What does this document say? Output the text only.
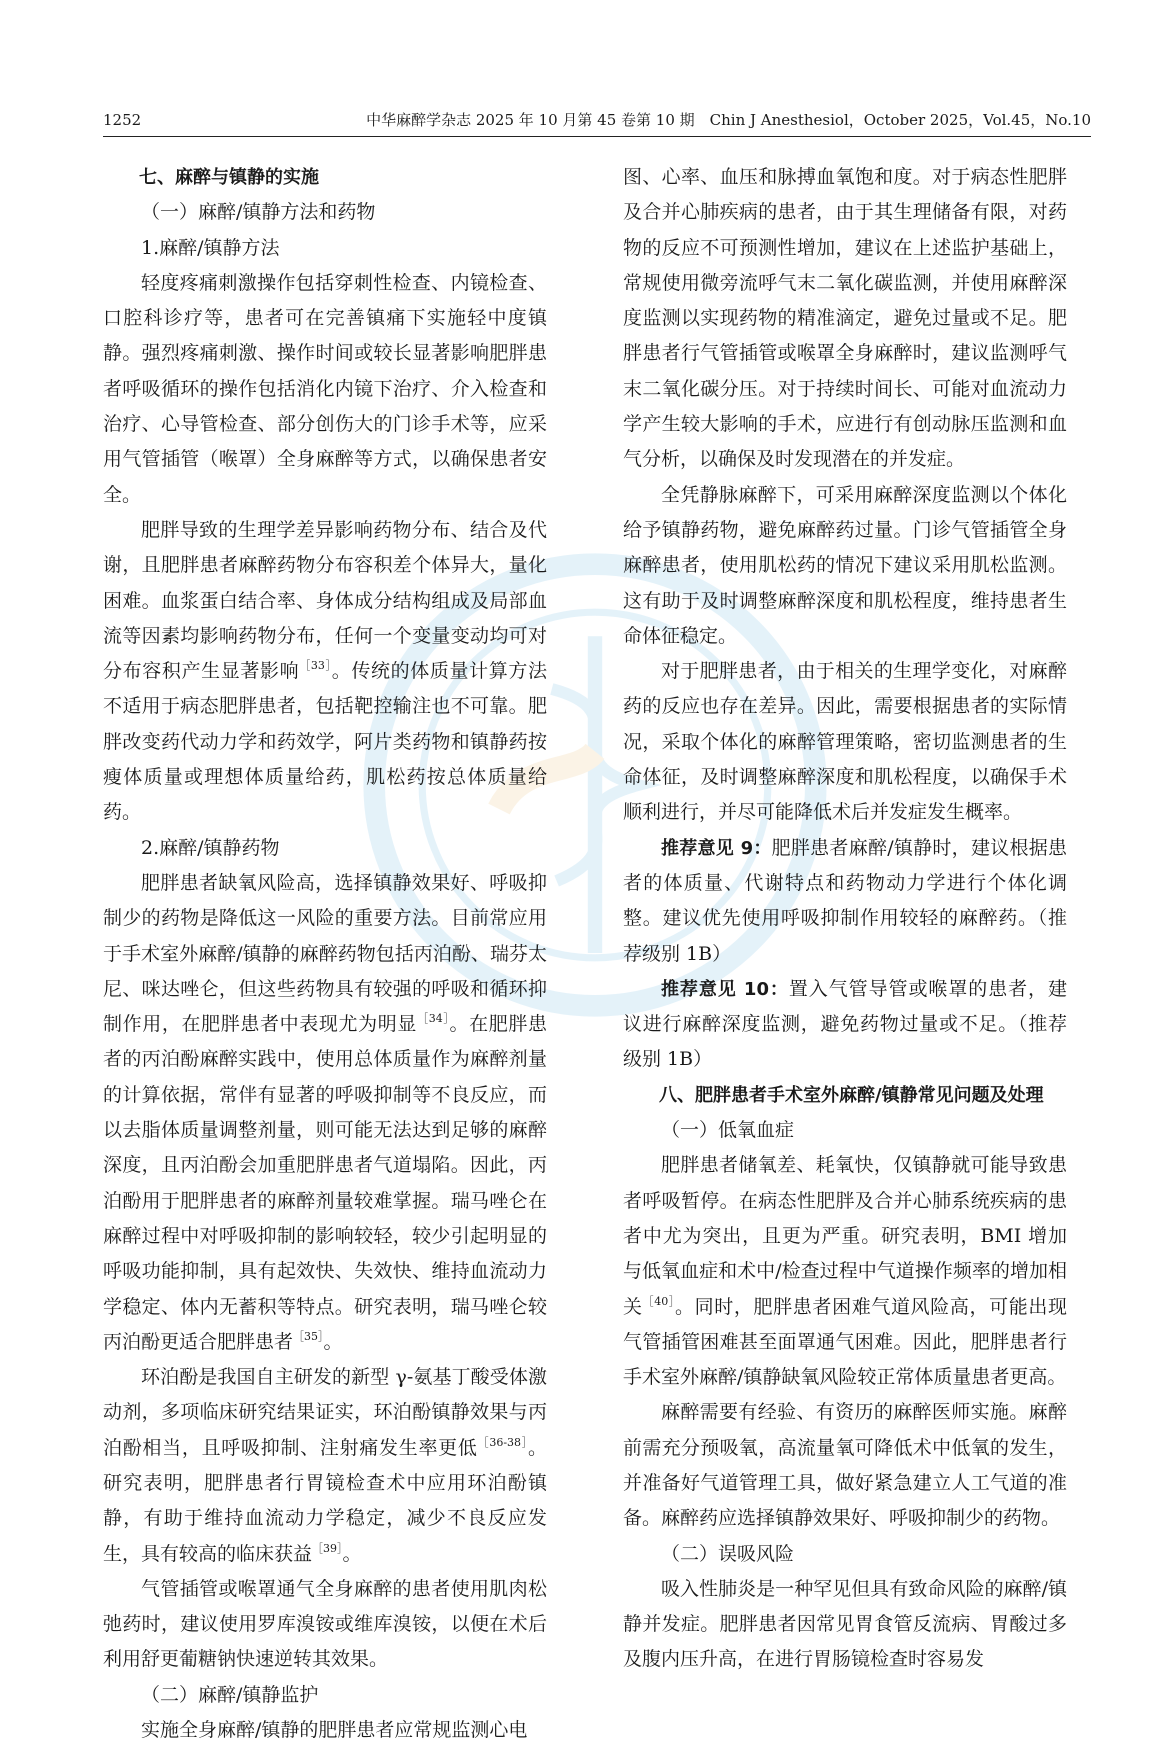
1252	中华麻醉学杂志 2025 年 10 月第 45 卷第 10 期　Chin J Anesthesiol，October 2025，Vol.45，No.10

七、麻醉与镇静的实施

（一）麻醉/镇静方法和药物

1.麻醉/镇静方法

轻度疼痛刺激操作包括穿刺性检查、内镜检查、口腔科诊疗等，患者可在完善镇痛下实施轻中度镇静。强烈疼痛刺激、操作时间或较长显著影响肥胖患者呼吸循环的操作包括消化内镜下治疗、介入检查和治疗、心导管检查、部分创伤大的门诊手术等，应采用气管插管（喉罩）全身麻醉等方式，以确保患者安全。

肥胖导致的生理学差异影响药物分布、结合及代谢，且肥胖患者麻醉药物分布容积差个体异大，量化困难。血浆蛋白结合率、身体成分结构组成及局部血流等因素均影响药物分布，任何一个变量变动均可对分布容积产生显著影响$^{[33]}$。传统的体质量计算方法不适用于病态肥胖患者，包括靶控输注也不可靠。肥胖改变药代动力学和药效学，阿片类药物和镇静药按瘦体质量或理想体质量给药，肌松药按总体质量给药。

2.麻醉/镇静药物

肥胖患者缺氧风险高，选择镇静效果好、呼吸抑制少的药物是降低这一风险的重要方法。目前常应用于手术室外麻醉/镇静的麻醉药物包括丙泊酚、瑞芬太尼、咪达唑仑，但这些药物具有较强的呼吸和循环抑制作用，在肥胖患者中表现尤为明显$^{[34]}$。在肥胖患者的丙泊酚麻醉实践中，使用总体质量作为麻醉剂量的计算依据，常伴有显著的呼吸抑制等不良反应，而以去脂体质量调整剂量，则可能无法达到足够的麻醉深度，且丙泊酚会加重肥胖患者气道塌陷。因此，丙泊酚用于肥胖患者的麻醉剂量较难掌握。瑞马唑仑在麻醉过程中对呼吸抑制的影响较轻，较少引起明显的呼吸功能抑制，具有起效快、失效快、维持血流动力学稳定、体内无蓄积等特点。研究表明，瑞马唑仑较丙泊酚更适合肥胖患者$^{[35]}$。

环泊酚是我国自主研发的新型 γ-氨基丁酸受体激动剂，多项临床研究结果证实，环泊酚镇静效果与丙泊酚相当，且呼吸抑制、注射痛发生率更低$^{[36-38]}$。研究表明，肥胖患者行胃镜检查术中应用环泊酚镇静，有助于维持血流动力学稳定，减少不良反应发生，具有较高的临床获益$^{[39]}$。

气管插管或喉罩通气全身麻醉的患者使用肌肉松弛药时，建议使用罗库溴铵或维库溴铵，以便在术后利用舒更葡糖钠快速逆转其效果。

（二）麻醉/镇静监护

实施全身麻醉/镇静的肥胖患者应常规监测心电

图、心率、血压和脉搏血氧饱和度。对于病态性肥胖及合并心肺疾病的患者，由于其生理储备有限，对药物的反应不可预测性增加，建议在上述监护基础上，常规使用微旁流呼气末二氧化碳监测，并使用麻醉深度监测以实现药物的精准滴定，避免过量或不足。肥胖患者行气管插管或喉罩全身麻醉时，建议监测呼气末二氧化碳分压。对于持续时间长、可能对血流动力学产生较大影响的手术，应进行有创动脉压监测和血气分析，以确保及时发现潜在的并发症。

全凭静脉麻醉下，可采用麻醉深度监测以个体化给予镇静药物，避免麻醉药过量。门诊气管插管全身麻醉患者，使用肌松药的情况下建议采用肌松监测。这有助于及时调整麻醉深度和肌松程度，维持患者生命体征稳定。

对于肥胖患者，由于相关的生理学变化，对麻醉药的反应也存在差异。因此，需要根据患者的实际情况，采取个体化的麻醉管理策略，密切监测患者的生命体征，及时调整麻醉深度和肌松程度，以确保手术顺利进行，并尽可能降低术后并发症发生概率。

推荐意见 9：肥胖患者麻醉/镇静时，建议根据患者的体质量、代谢特点和药物动力学进行个体化调整。建议优先使用呼吸抑制作用较轻的麻醉药。（推荐级别 1B）

推荐意见 10：置入气管导管或喉罩的患者，建议进行麻醉深度监测，避免药物过量或不足。（推荐级别 1B）

八、肥胖患者手术室外麻醉/镇静常见问题及处理

（一）低氧血症

肥胖患者储氧差、耗氧快，仅镇静就可能导致患者呼吸暂停。在病态性肥胖及合并心肺系统疾病的患者中尤为突出，且更为严重。研究表明，BMI 增加与低氧血症和术中/检查过程中气道操作频率的增加相关$^{[40]}$。同时，肥胖患者困难气道风险高，可能出现气管插管困难甚至面罩通气困难。因此，肥胖患者行手术室外麻醉/镇静缺氧风险较正常体质量患者更高。

麻醉需要有经验、有资历的麻醉医师实施。麻醉前需充分预吸氧，高流量氧可降低术中低氧的发生，并准备好气道管理工具，做好紧急建立人工气道的准备。麻醉药应选择镇静效果好、呼吸抑制少的药物。

（二）误吸风险

吸入性肺炎是一种罕见但具有致命风险的麻醉/镇静并发症。肥胖患者因常见胃食管反流病、胃酸过多及腹内压升高，在进行胃肠镜检查时容易发
